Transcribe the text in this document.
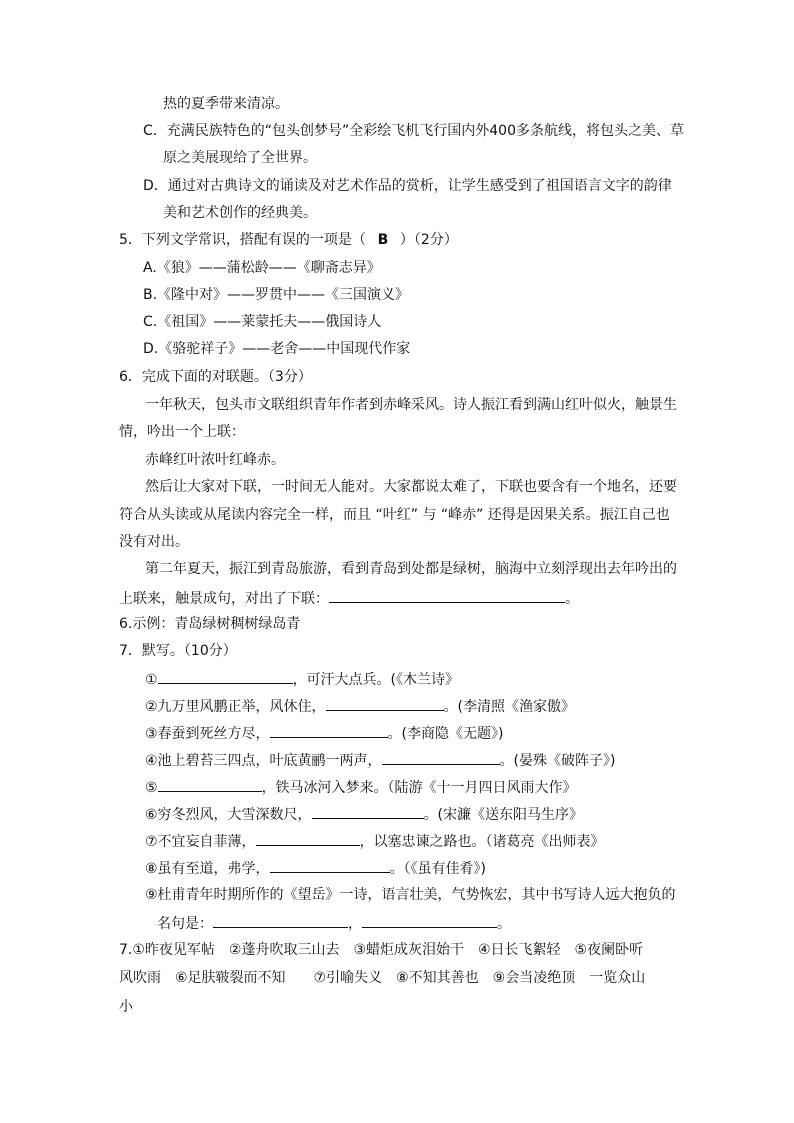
热的夏季带来清凉。
C．充满民族特色的“包头创梦号”全彩绘飞机飞行国内外400多条航线，将包头之美、草
原之美展现给了全世界。
D．通过对古典诗文的诵读及对艺术作品的赏析，让学生感受到了祖国语言文字的韵律
美和艺术创作的经典美。
5．下列文学常识，搭配有误的一项是（ B ）（2分）
A.《狼》——蒲松龄——《聊斋志异》
B.《隆中对》——罗贯中——《三国演义》
C.《祖国》——莱蒙托夫——俄国诗人
D.《骆驼祥子》——老舍——中国现代作家
6．完成下面的对联题。（3分）
一年秋天，包头市文联组织青年作者到赤峰采风。诗人振江看到满山红叶似火，触景生
情，吟出一个上联：
赤峰红叶浓叶红峰赤。
然后让大家对下联，一时间无人能对。大家都说太难了，下联也要含有一个地名，还要
符合从头读或从尾读内容完全一样，而且 “叶红” 与 “峰赤” 还得是因果关系。振江自己也
没有对出。
第二年夏天，振江到青岛旅游，看到青岛到处都是绿树，脑海中立刻浮现出去年吟出的
上联来，触景成句，对出了下联：	。
6.示例：青岛绿树稠树绿岛青
7．默写。（10分）
①	，可汗大点兵。(《木兰诗》
②九万里风鹏正举，风休住，	。(李清照《渔家傲》
③春蚕到死丝方尽，	。(李商隐《无题》)
④池上碧苔三四点，叶底黄鹂一两声，	。(晏殊《破阵子》)
⑤	，铁马冰河入梦来。（陆游《十一月四日风雨大作》
⑥穷冬烈风，大雪深数尺，	。(宋濂《送东阳马生序》
⑦不宜妄自菲薄，	，以塞忠谏之路也。（诸葛亮《出师表》
⑧虽有至道，弗学，	。（《虽有佳肴》)
⑨杜甫青年时期所作的《望岳》一诗，语言壮美，气势恢宏，其中书写诗人远大抱负的
名句是：	，	。
7.①昨夜见军帖　②蓬舟吹取三山去　③蜡炬成灰泪始干　④日长飞絮轻　⑤夜阑卧听
风吹雨　⑥足肤皲裂而不知　　⑦引喻失义　⑧不知其善也　⑨会当凌绝顶　一览众山
小
